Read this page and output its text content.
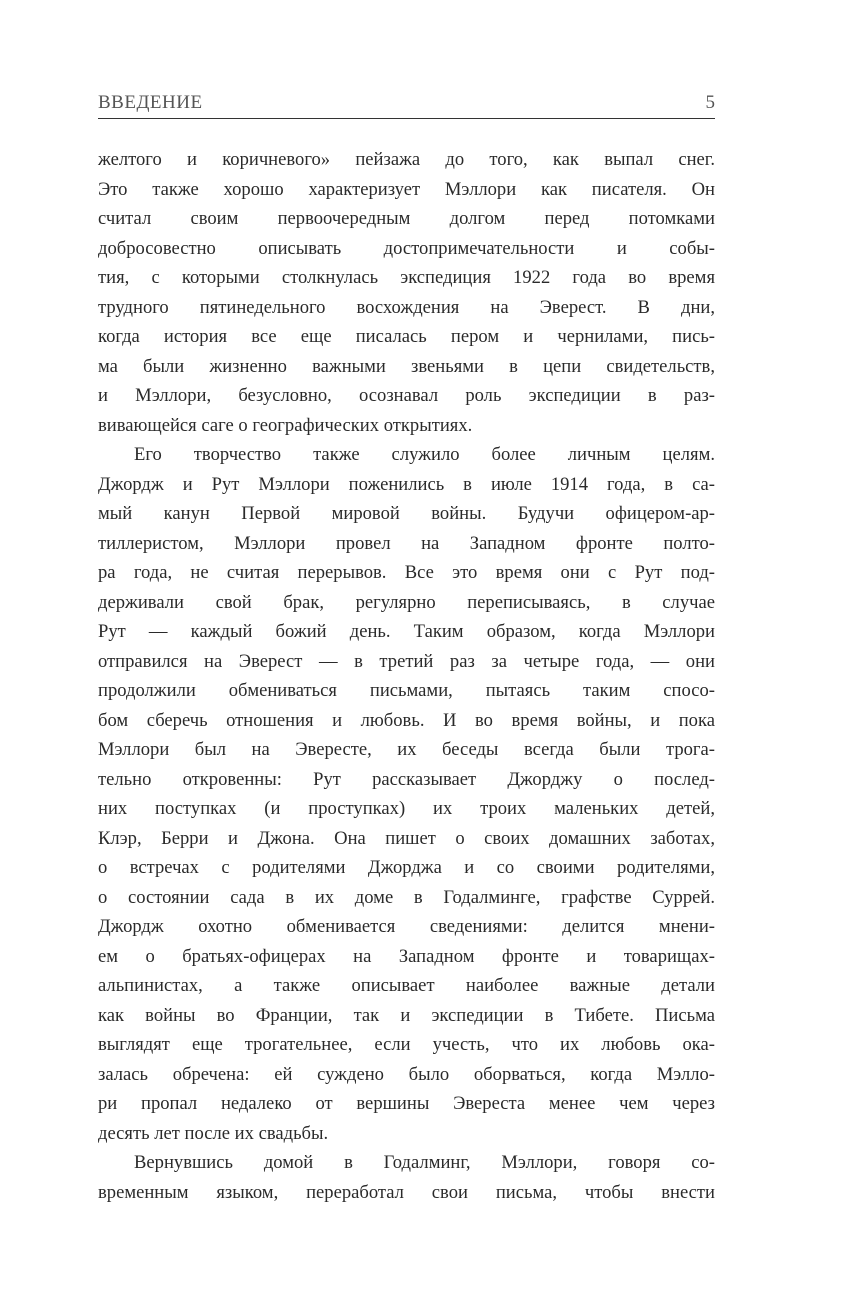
ВВЕДЕНИЕ	5
желтого и коричневого» пейзажа до того, как выпал снег.
Это также хорошо характеризует Мэллори как писателя. Он
считал своим первоочередным долгом перед потомками
добросовестно описывать достопримечательности и собы-
тия, с которыми столкнулась экспедиция 1922 года во время
трудного пятинедельного восхождения на Эверест. В дни,
когда история все еще писалась пером и чернилами, пись-
ма были жизненно важными звеньями в цепи свидетельств,
и Мэллори, безусловно, осознавал роль экспедиции в раз-
вивающейся саге о географических открытиях.
Его творчество также служило более личным целям.
Джордж и Рут Мэллори поженились в июле 1914 года, в са-
мый канун Первой мировой войны. Будучи офицером-ар-
тиллеристом, Мэллори провел на Западном фронте полто-
ра года, не считая перерывов. Все это время они с Рут под-
держивали свой брак, регулярно переписываясь, в случае
Рут — каждый божий день. Таким образом, когда Мэллори
отправился на Эверест — в третий раз за четыре года, — они
продолжили обмениваться письмами, пытаясь таким спосо-
бом сберечь отношения и любовь. И во время войны, и пока
Мэллори был на Эвересте, их беседы всегда были трога-
тельно откровенны: Рут рассказывает Джорджу о послед-
них поступках (и проступках) их троих маленьких детей,
Клэр, Берри и Джона. Она пишет о своих домашних заботах,
о встречах с родителями Джорджа и со своими родителями,
о состоянии сада в их доме в Годалминге, графстве Суррей.
Джордж охотно обменивается сведениями: делится мнени-
ем о братьях-офицерах на Западном фронте и товарищах-
альпинистах, а также описывает наиболее важные детали
как войны во Франции, так и экспедиции в Тибете. Письма
выглядят еще трогательнее, если учесть, что их любовь ока-
залась обречена: ей суждено было оборваться, когда Мэлло-
ри пропал недалеко от вершины Эвереста менее чем через
десять лет после их свадьбы.
Вернувшись домой в Годалминг, Мэллори, говоря со-
временным языком, переработал свои письма, чтобы внести
